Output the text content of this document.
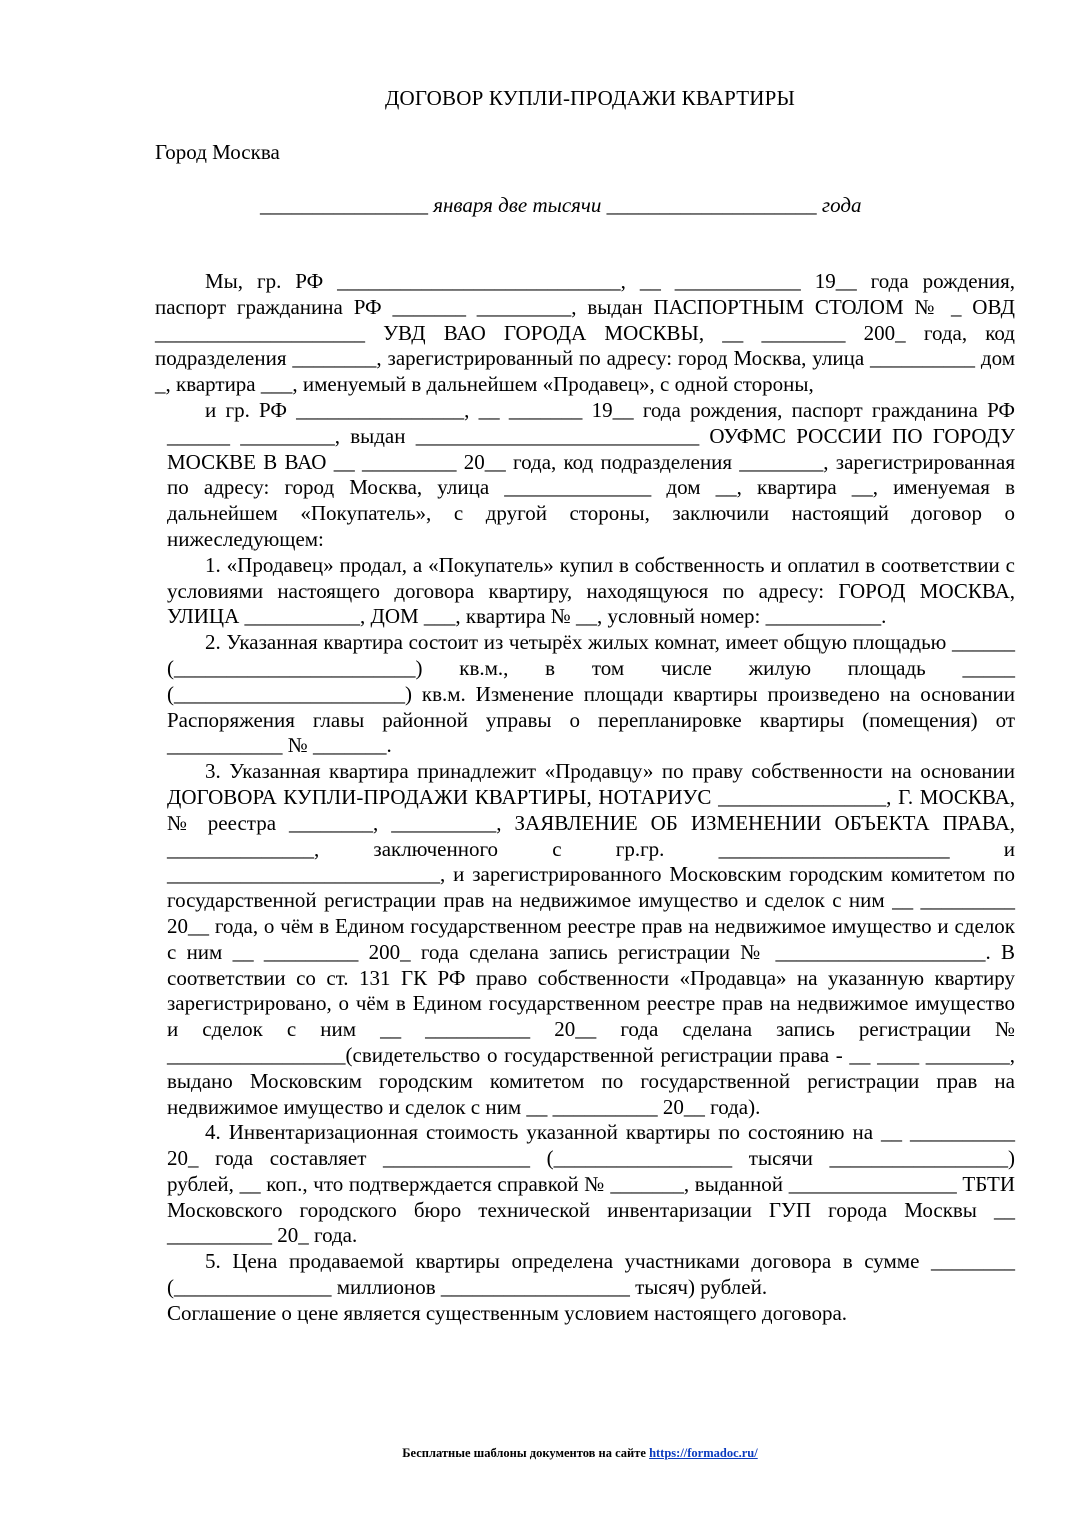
ДОГОВОР КУПЛИ-ПРОДАЖИ КВАРТИРЫ
Город Москва
________________ января две тысячи ____________________ года

Мы, гр. РФ ___________________________, __ ____________ 19__ года рождения, паспорт гражданина РФ _______ _________, выдан ПАСПОРТНЫМ СТОЛОМ № _ ОВД ____________________ УВД ВАО ГОРОДА МОСКВЫ, __ ________ 200_ года, код подразделения ________, зарегистрированный по адресу: город Москва, улица __________ дом _, квартира ___, именуемый в дальнейшем «Продавец», с одной стороны,

и гр. РФ ________________, __ _______ 19__ года рождения, паспорт гражданина РФ ______ _________, выдан ___________________________ ОУФМС РОССИИ ПО ГОРОДУ МОСКВЕ В ВАО __ _________ 20__ года, код подразделения ________, зарегистрированная по адресу: город Москва, улица ______________ дом __, квартира __, именуемая в дальнейшем «Покупатель», с другой стороны, заключили настоящий договор о нижеследующем:

1. «Продавец» продал, а «Покупатель» купил в собственность и оплатил в соответствии с условиями настоящего договора квартиру, находящуюся по адресу: ГОРОД МОСКВА, УЛИЦА ___________, ДОМ ___, квартира № __, условный номер: ___________.

2. Указанная квартира состоит из четырёх жилых комнат, имеет общую площадью ______ (_______________________) кв.м., в том числе жилую площадь _____ (______________________) кв.м. Изменение площади квартиры произведено на основании Распоряжения главы районной управы о перепланировке квартиры (помещения) от ___________ № _______.

3. Указанная квартира принадлежит «Продавцу» по праву собственности на основании ДОГОВОРА КУПЛИ-ПРОДАЖИ КВАРТИРЫ, НОТАРИУС ________________, Г. МОСКВА, № реестра ________, __________, ЗАЯВЛЕНИЕ ОБ ИЗМЕНЕНИИ ОБЪЕКТА ПРАВА, ______________, заключенного с гр.гр. ______________________ и __________________________, и зарегистрированного Московским городским комитетом по государственной регистрации прав на недвижимое имущество и сделок с ним __ _________ 20__ года, о чём в Едином государственном реестре прав на недвижимое имущество и сделок с ним __ _________ 200_ года сделана запись регистрации № ____________________. В соответствии со ст. 131 ГК РФ право собственности «Продавца» на указанную квартиру зарегистрировано, о чём в Едином государственном реестре прав на недвижимое имущество и сделок с ним __ __________ 20__ года сделана запись регистрации № _________________(свидетельство о государственной регистрации права - __ ____ ________, выдано Московским городским комитетом по государственной регистрации прав на недвижимое имущество и сделок с ним __ __________ 20__ года).

4. Инвентаризационная стоимость указанной квартиры по состоянию на __ __________ 20_ года составляет ______________ (_________________ тысячи _________________) рублей, __ коп., что подтверждается справкой № _______, выданной ________________ ТБТИ Московского городского бюро технической инвентаризации ГУП города Москвы __ __________ 20_ года.

5. Цена продаваемой квартиры определена участниками договора в сумме ________ (_______________ миллионов __________________ тысяч) рублей.

Соглашение о цене является существенным условием настоящего договора.

Бесплатные шаблоны документов на сайте https://formadoc.ru/
